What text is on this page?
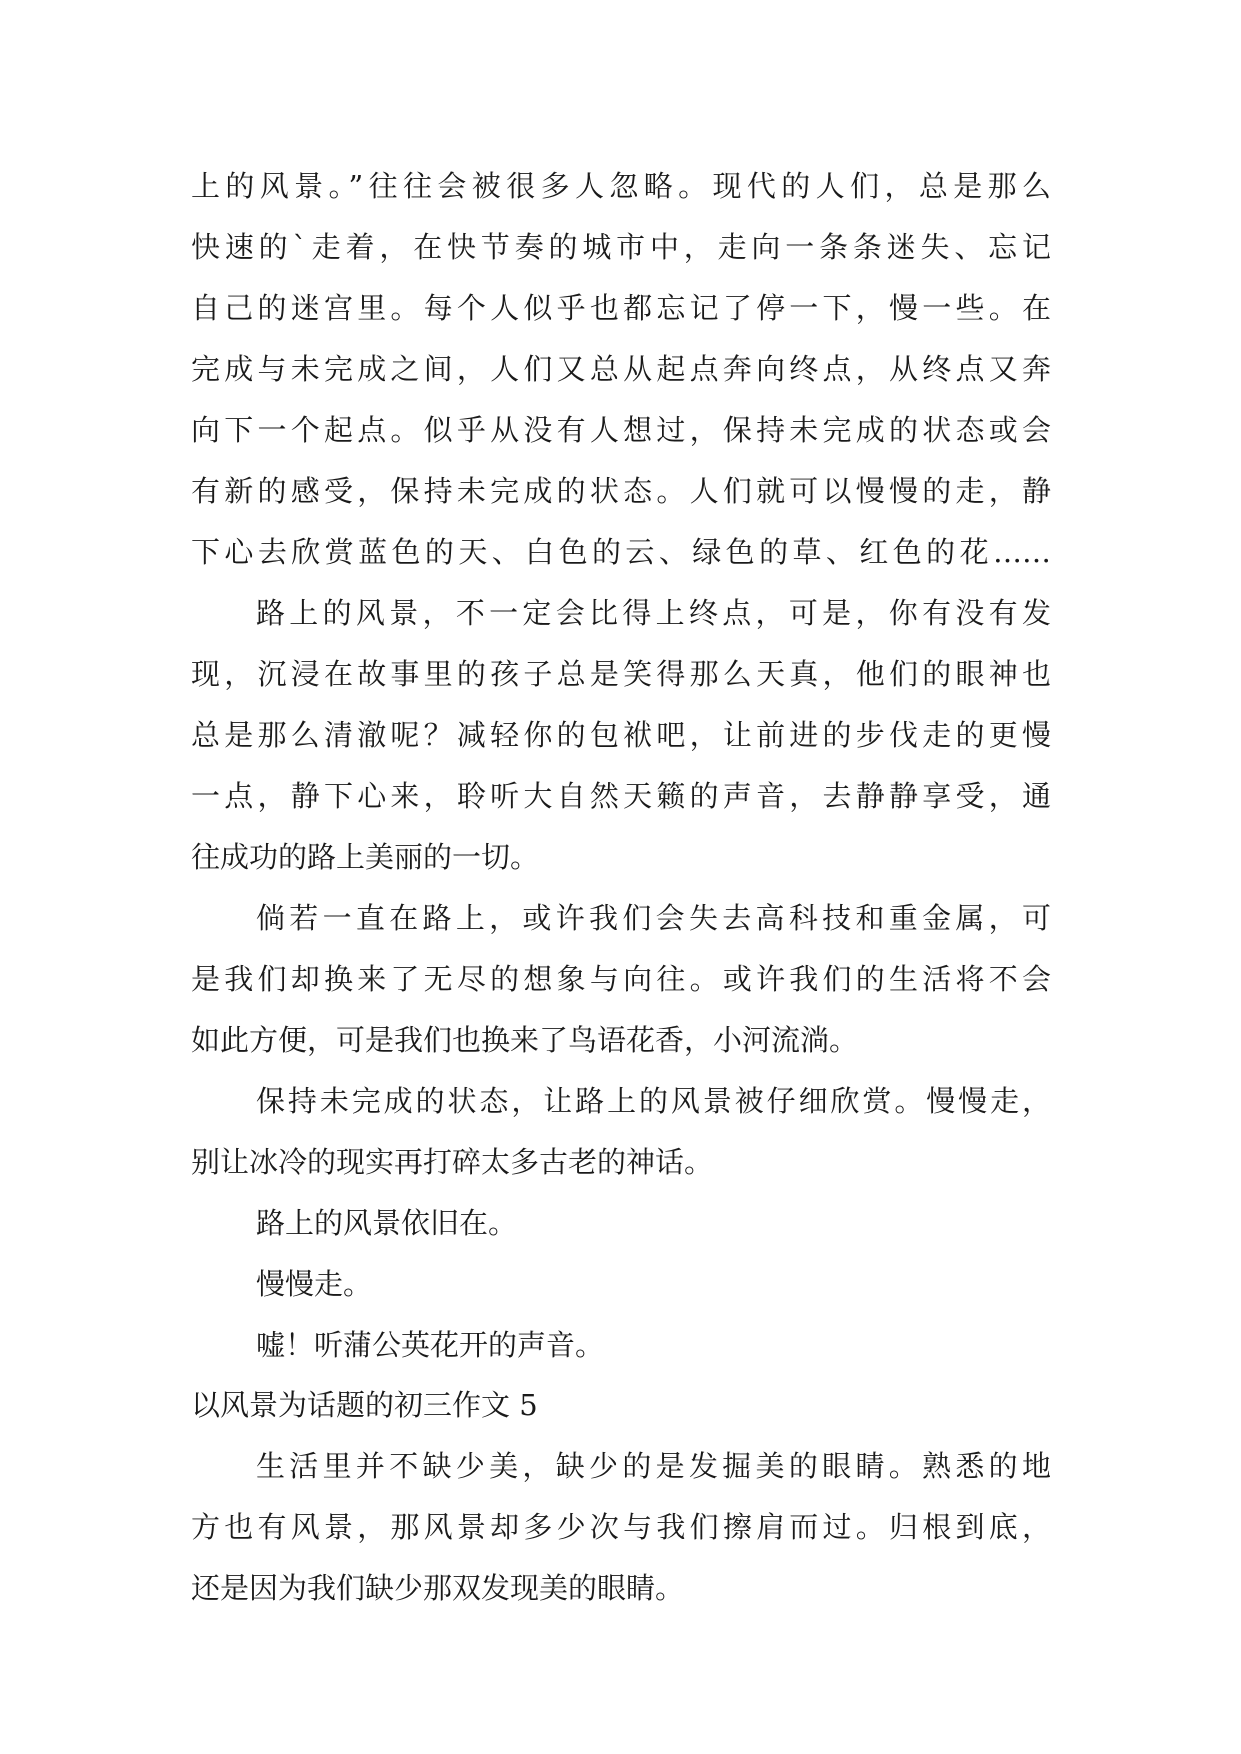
上的风景。”往往会被很多人忽略。现代的人们，总是那么
快速的`走着，在快节奏的城市中，走向一条条迷失、忘记
自己的迷宫里。每个人似乎也都忘记了停一下，慢一些。在
完成与未完成之间，人们又总从起点奔向终点，从终点又奔
向下一个起点。似乎从没有人想过，保持未完成的状态或会
有新的感受，保持未完成的状态。人们就可以慢慢的走，静
下心去欣赏蓝色的天、白色的云、绿色的草、红色的花……
路上的风景，不一定会比得上终点，可是，你有没有发
现，沉浸在故事里的孩子总是笑得那么天真，他们的眼神也
总是那么清澈呢？减轻你的包袱吧，让前进的步伐走的更慢
一点，静下心来，聆听大自然天籁的声音，去静静享受，通
往成功的路上美丽的一切。
倘若一直在路上，或许我们会失去高科技和重金属，可
是我们却换来了无尽的想象与向往。或许我们的生活将不会
如此方便，可是我们也换来了鸟语花香，小河流淌。
保持未完成的状态，让路上的风景被仔细欣赏。慢慢走，
别让冰冷的现实再打碎太多古老的神话。
路上的风景依旧在。
慢慢走。
嘘！听蒲公英花开的声音。
以风景为话题的初三作文 5
生活里并不缺少美，缺少的是发掘美的眼睛。熟悉的地
方也有风景，那风景却多少次与我们擦肩而过。归根到底，
还是因为我们缺少那双发现美的眼睛。
